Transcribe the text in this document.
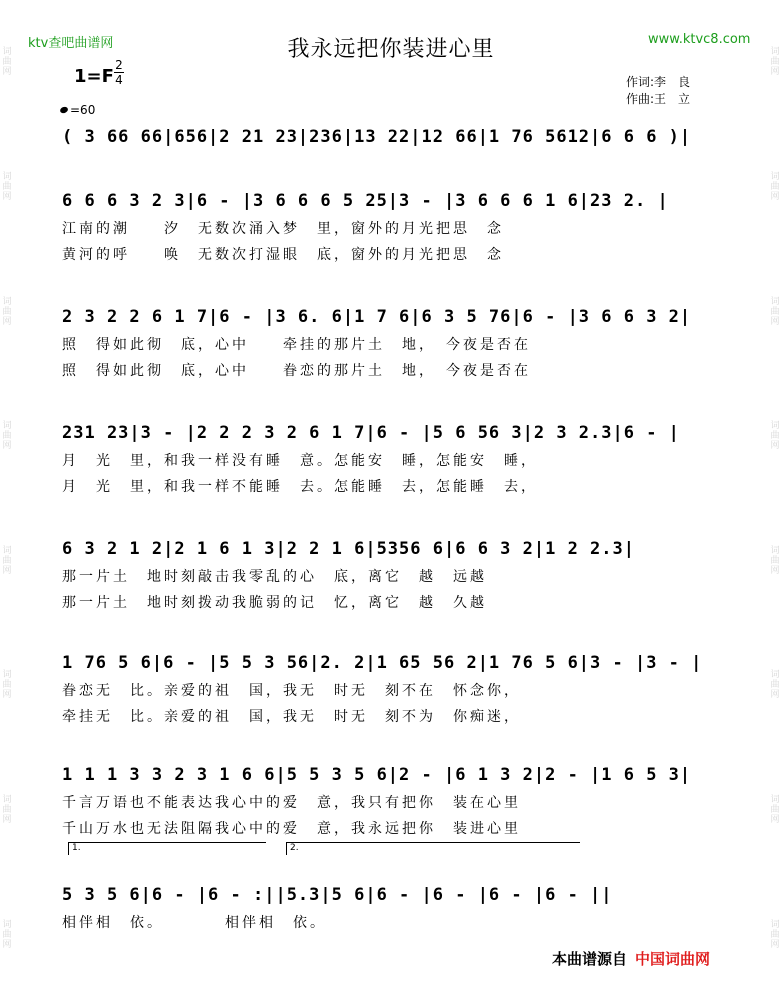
词
曲
网
词
曲
网
词
曲
网
词
曲
网
词
曲
网
词
曲
网
词
曲
网
词
曲
网
词
曲
网
词
曲
网
词
曲
网
词
曲
网
词
曲
网
词
曲
网
词
曲
网
词
曲
网
ktv查吧曲谱网	www.ktvc8.com
我永远把你装进心里
1=F
2
4
=60
作词:李　良
作曲:王　立
( 3 66 66|656|2 21 23|236|13 22|12 66|1 76 5612|6 6 6 )|
6 6 6 3 2 3|6 - |3 6 6 6 5 25|3 - |3 6 6 6 1 6|23 2. |
江南的潮　　汐　无数次涌入梦　里，窗外的月光把思　念
黄河的呼　　唤　无数次打湿眼　底，窗外的月光把思　念
2 3 2 2 6 1 7|6 - |3 6. 6|1 7 6|6 3 5 76|6 - |3 6 6 3 2|
照　得如此彻　底，心中　　牵挂的那片土　地，　今夜是否在
照　得如此彻　底，心中　　眷恋的那片土　地，　今夜是否在
231 23|3 - |2 2 2 3 2 6 1 7|6 - |5 6 56 3|2 3 2.3|6 - |
月　光　里，和我一样没有睡　意。怎能安　睡，怎能安　睡，
月　光　里，和我一样不能睡　去。怎能睡　去，怎能睡　去，
6 3 2 1 2|2 1 6 1 3|2 2 1 6|5356 6|6 6 3 2|1 2 2.3|
那一片土　地时刻敲击我零乱的心　底，离它　越　远越
那一片土　地时刻拨动我脆弱的记　忆，离它　越　久越
1 76 5 6|6 - |5 5 3 56|2. 2|1 65 56 2|1 76 5 6|3 - |3 - |
眷恋无　比。亲爱的祖　国，我无　时无　刻不在　怀念你，
牵挂无　比。亲爱的祖　国，我无　时无　刻不为　你痴迷，
1 1 1 3 3 2 3 1 6 6|5 5 3 5 6|2 - |6 1 3 2|2 - |1 6 5 3|
千言万语也不能表达我心中的爱　意，我只有把你　装在心里
千山万水也无法阻隔我心中的爱　意，我永远把你　装进心里
1.	2.
5 3 5 6|6 - |6 - :||5.3|5 6|6 - |6 - |6 - |6 - ||
相伴相　依。　　　　相伴相　依。
本曲谱源自 中国词曲网
